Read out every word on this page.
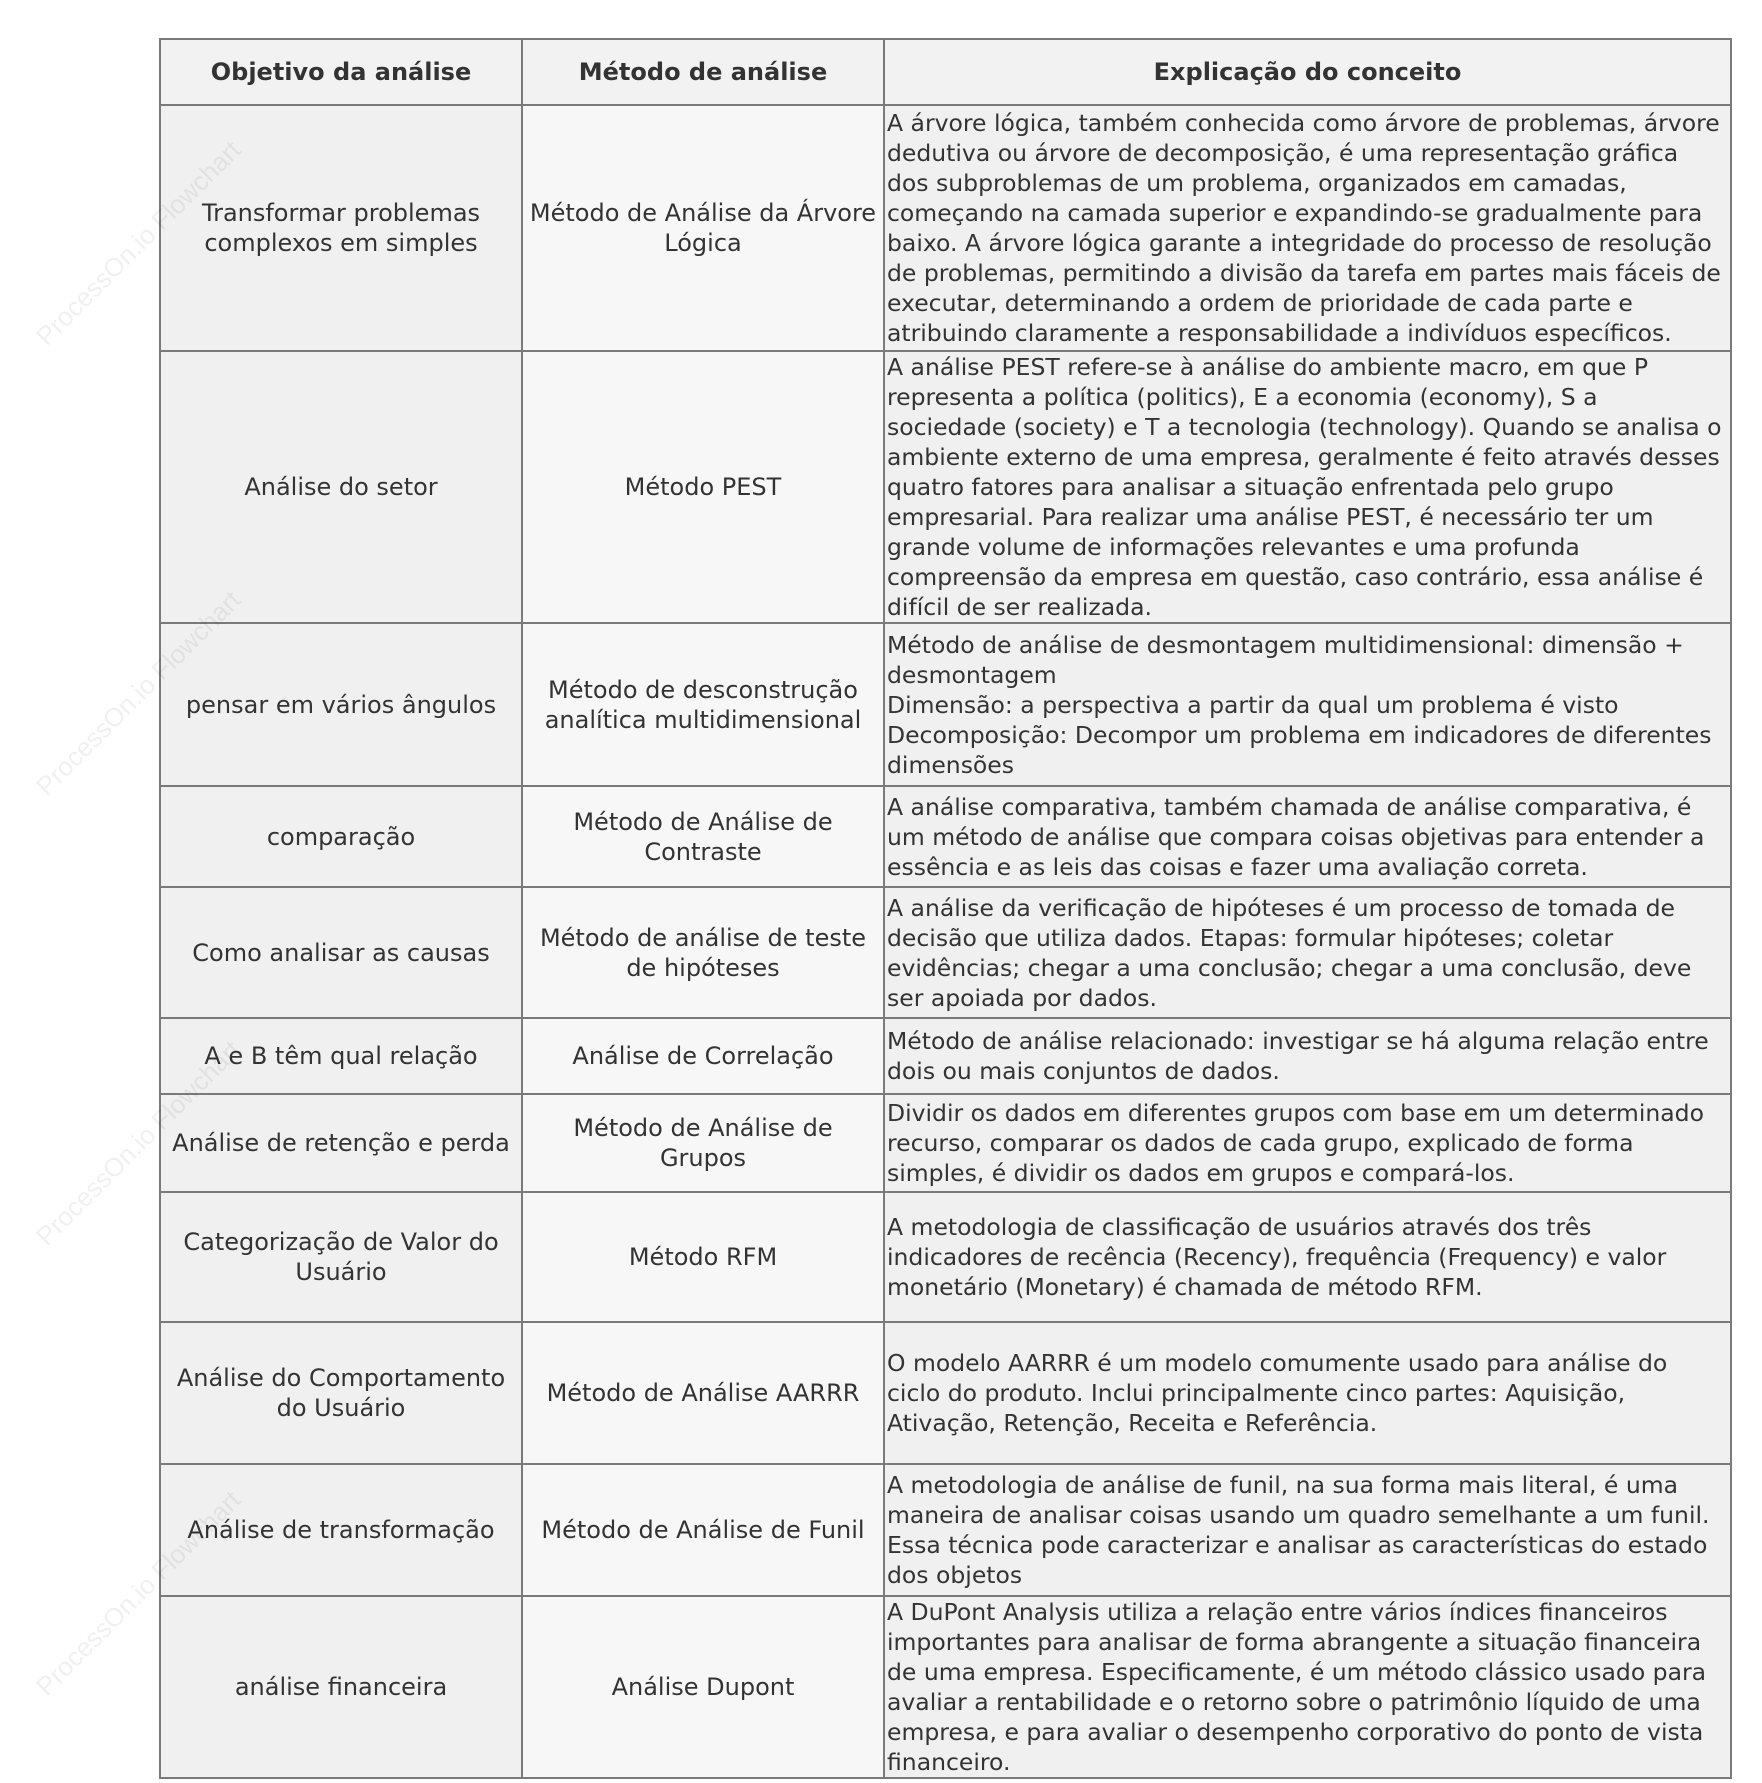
ProcessOn.io Flowchart
ProcessOn.io Flowchart
ProcessOn.io Flowchart
ProcessOn.io Flowchart
Objetivo da análise	Método de análise	Explicação do conceito
Transformar problemas complexos em simples	Método de Análise da Árvore Lógica	A árvore lógica, também conhecida como árvore de problemas, árvore dedutiva ou árvore de decomposição, é uma representação gráfica dos subproblemas de um problema, organizados em camadas, começando na camada superior e expandindo-se gradualmente para baixo. A árvore lógica garante a integridade do processo de resolução de problemas, permitindo a divisão da tarefa em partes mais fáceis de executar, determinando a ordem de prioridade de cada parte e atribuindo claramente a responsabilidade a indivíduos específicos.
Análise do setor	Método PEST	A análise PEST refere-se à análise do ambiente macro, em que P representa a política (politics), E a economia (economy), S a sociedade (society) e T a tecnologia (technology). Quando se analisa o ambiente externo de uma empresa, geralmente é feito através desses quatro fatores para analisar a situação enfrentada pelo grupo empresarial. Para realizar uma análise PEST, é necessário ter um grande volume de informações relevantes e uma profunda compreensão da empresa em questão, caso contrário, essa análise é difícil de ser realizada.
pensar em vários ângulos	Método de desconstrução analítica multidimensional	Método de análise de desmontagem multidimensional: dimensão + desmontagem
Dimensão: a perspectiva a partir da qual um problema é visto
Decomposição: Decompor um problema em indicadores de diferentes dimensões

comparação	Método de Análise de Contraste	A análise comparativa, também chamada de análise comparativa, é um método de análise que compara coisas objetivas para entender a essência e as leis das coisas e fazer uma avaliação correta.
Como analisar as causas	Método de análise de teste de hipóteses	A análise da verificação de hipóteses é um processo de tomada de decisão que utiliza dados. Etapas: formular hipóteses; coletar evidências; chegar a uma conclusão; chegar a uma conclusão, deve ser apoiada por dados.
A e B têm qual relação	Análise de Correlação	Método de análise relacionado: investigar se há alguma relação entre dois ou mais conjuntos de dados.
Análise de retenção e perda	Método de Análise de Grupos	Dividir os dados em diferentes grupos com base em um determinado recurso, comparar os dados de cada grupo, explicado de forma simples, é dividir os dados em grupos e compará-los.
Categorização de Valor do Usuário	Método RFM	A metodologia de classificação de usuários através dos três indicadores de recência (Recency), frequência (Frequency) e valor monetário (Monetary) é chamada de método RFM.
Análise do Comportamento do Usuário	Método de Análise AARRR	O modelo AARRR é um modelo comumente usado para análise do ciclo do produto. Inclui principalmente cinco partes: Aquisição, Ativação, Retenção, Receita e Referência.
Análise de transformação	Método de Análise de Funil	A metodologia de análise de funil, na sua forma mais literal, é uma maneira de analisar coisas usando um quadro semelhante a um funil. Essa técnica pode caracterizar e analisar as características do estado dos objetos
análise financeira	Análise Dupont	A DuPont Analysis utiliza a relação entre vários índices financeiros importantes para analisar de forma abrangente a situação financeira de uma empresa. Especificamente, é um método clássico usado para avaliar a rentabilidade e o retorno sobre o patrimônio líquido de uma empresa, e para avaliar o desempenho corporativo do ponto de vista financeiro.
